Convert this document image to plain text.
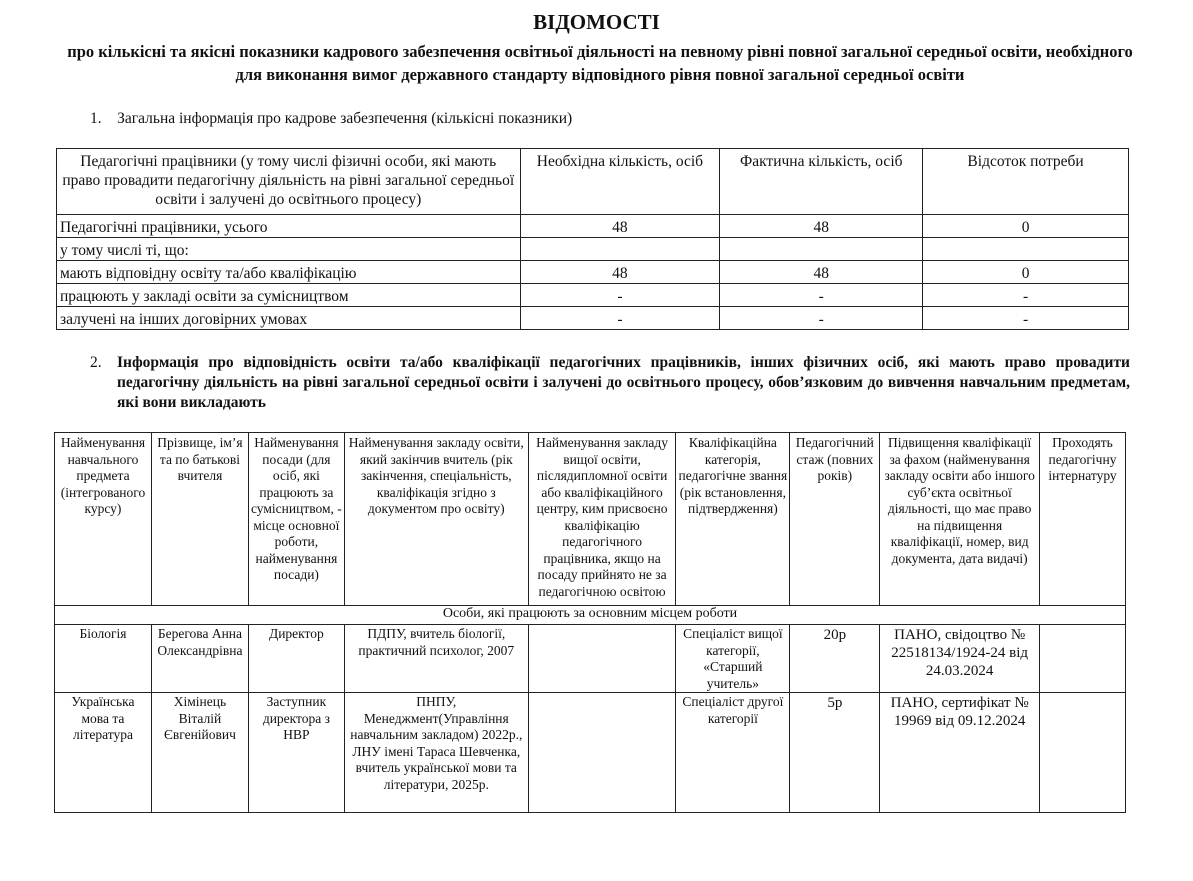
ВІДОМОСТІ
про кількісні та якісні показники кадрового забезпечення освітньої діяльності на певному рівні повної загальної середньої освіти, необхідного для виконання вимог державного стандарту відповідного рівня повної загальної середньої освіти
1. Загальна інформація про кадрове забезпечення (кількісні показники)
Педагогічні працівники (у тому числі фізичні особи, які мають право провадити педагогічну діяльність на рівні загальної середньої освіти і залучені до освітнього процесу)	Необхідна кількість, осіб	Фактична кількість, осіб	Відсоток потреби
Педагогічні працівники, усього	48	48	0
у тому числі ті, що:			
мають відповідну освіту та/або кваліфікацію	48	48	0
працюють у закладі освіти за сумісництвом	-	-	-
залучені на інших договірних умовах	-	-	-
2. Інформація про відповідність освіти та/або кваліфікації педагогічних працівників, інших фізичних осіб, які мають право провадити педагогічну діяльність на рівні загальної середньої освіти і залучені до освітнього процесу, обов’язковим до вивчення навчальним предметам, які вони викладають
Найменування навчального предмета (інтегрованого курсу)	Прізвище, ім’я та по батькові вчителя	Найменування посади (для осіб, які працюють за сумісництвом, - місце основної роботи, найменування посади)	Найменування закладу освіти, який закінчив вчитель (рік закінчення, спеціальність, кваліфікація згідно з документом про освіту)	Найменування закладу вищої освіти, післядипломної освіти або кваліфікаційного центру, ким присвоєно кваліфікацію педагогічного працівника, якщо на посаду прийнято не за педагогічною освітою	Кваліфікаційна категорія, педагогічне звання (рік встановлення, підтвердження)	Педагогічний стаж (повних років)	Підвищення кваліфікації за фахом (найменування закладу освіти або іншого суб’єкта освітньої діяльності, що має право на підвищення кваліфікації, номер, вид документа, дата видачі)	Проходять педагогічну інтернатуру
Особи, які працюють за основним місцем роботи								
Біологія	Берегова Анна Олександрівна	Директор	ПДПУ, вчитель біології, практичний психолог, 2007		Спеціаліст вищої категорії, «Старший учитель»	20р	ПАНО, свідоцтво № 22518134/1924-24 від 24.03.2024	
Українська мова та література	Хімінець Віталій Євгенійович	Заступник директора з НВР	ПНПУ, Менеджмент(Управління навчальним закладом) 2022р., ЛНУ імені Тараса Шевченка, вчитель української мови та літератури, 2025р.		Спеціаліст другої категорії	5р	ПАНО, сертифікат № 19969 від 09.12.2024	
